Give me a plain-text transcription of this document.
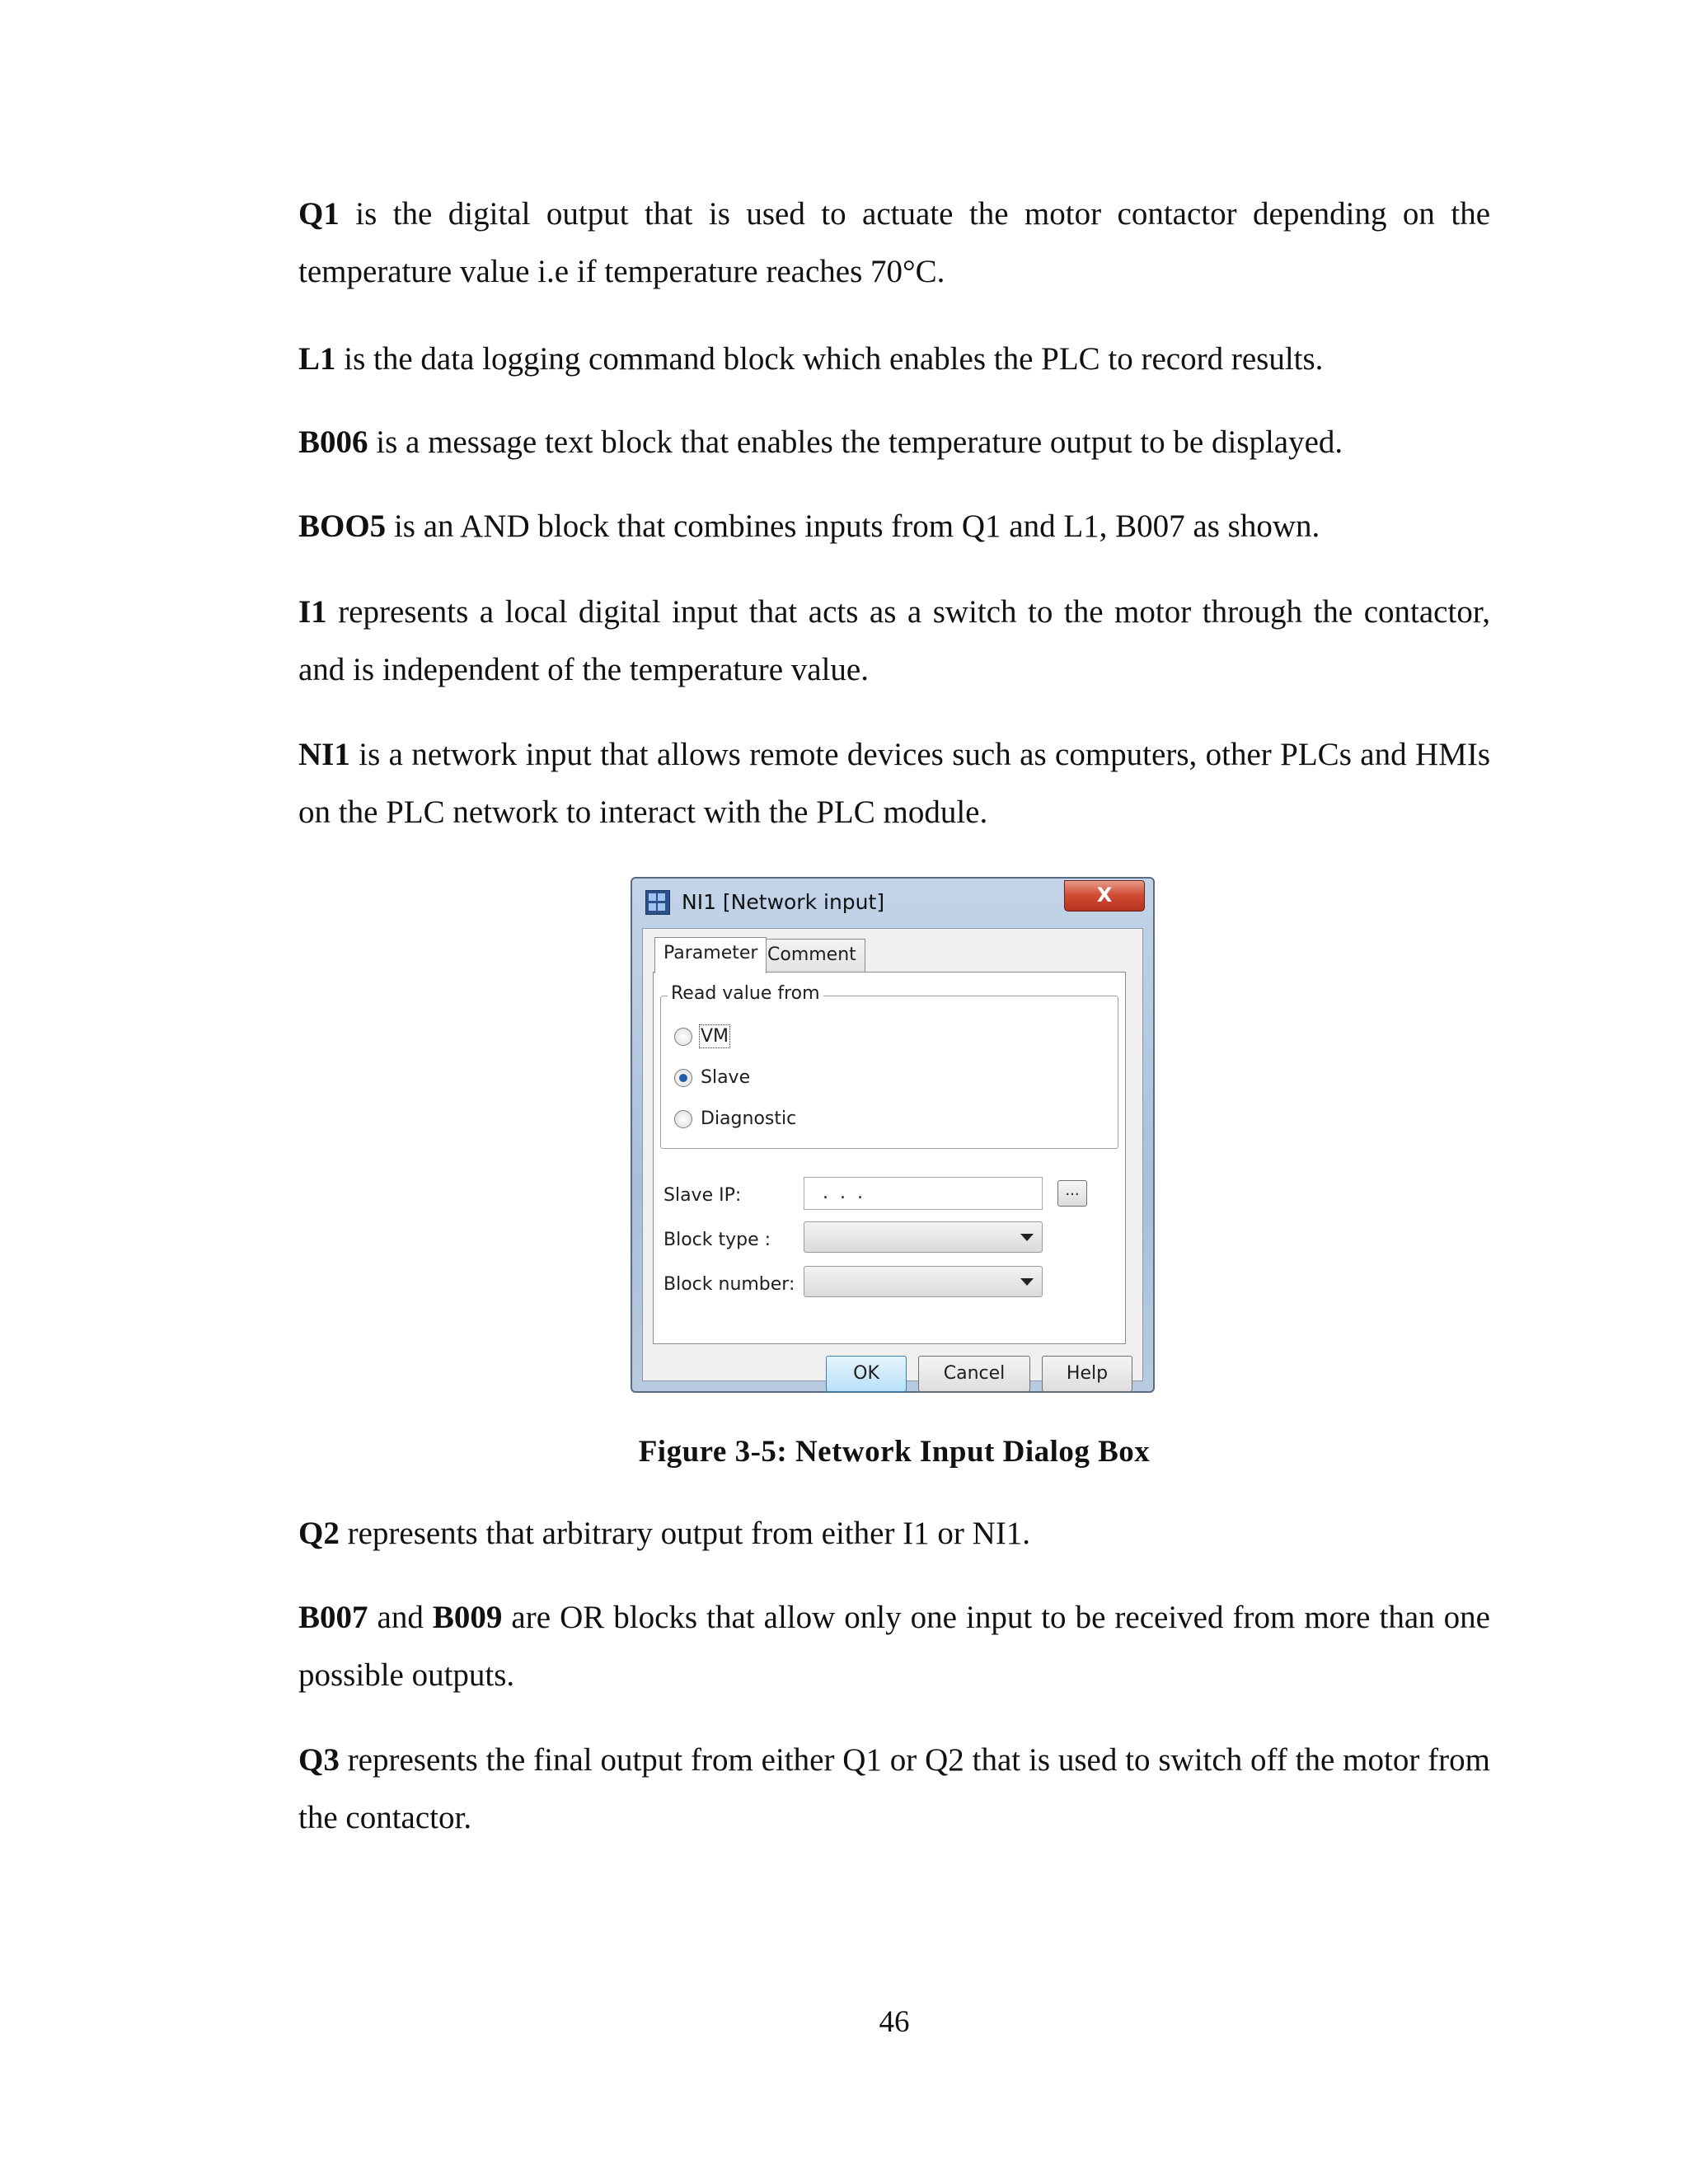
Q1 is the digital output that is used to actuate the motor contactor depending on the temperature value i.e if temperature reaches 70°C.

L1 is the data logging command block which enables the PLC to record results.

B006 is a message text block that enables the temperature output to be displayed.

BOO5 is an AND block that combines inputs from Q1 and L1, B007 as shown.

I1 represents a local digital input that acts as a switch to the motor through the contactor, and is independent of the temperature value.

NI1 is a network input that allows remote devices such as computers, other PLCs and HMIs on the PLC network to interact with the PLC module.

NI1 [Network input]	X
Parameter Comment
Read value from
VM
Slave
Diagnostic
Slave IP:	...	...
Block type :
Block number:
OK	Cancel	Help
Figure 3-5: Network Input Dialog Box

Q2 represents that arbitrary output from either I1 or NI1.

B007 and B009 are OR blocks that allow only one input to be received from more than one possible outputs.

Q3 represents the final output from either Q1 or Q2 that is used to switch off the motor from the contactor.

46
